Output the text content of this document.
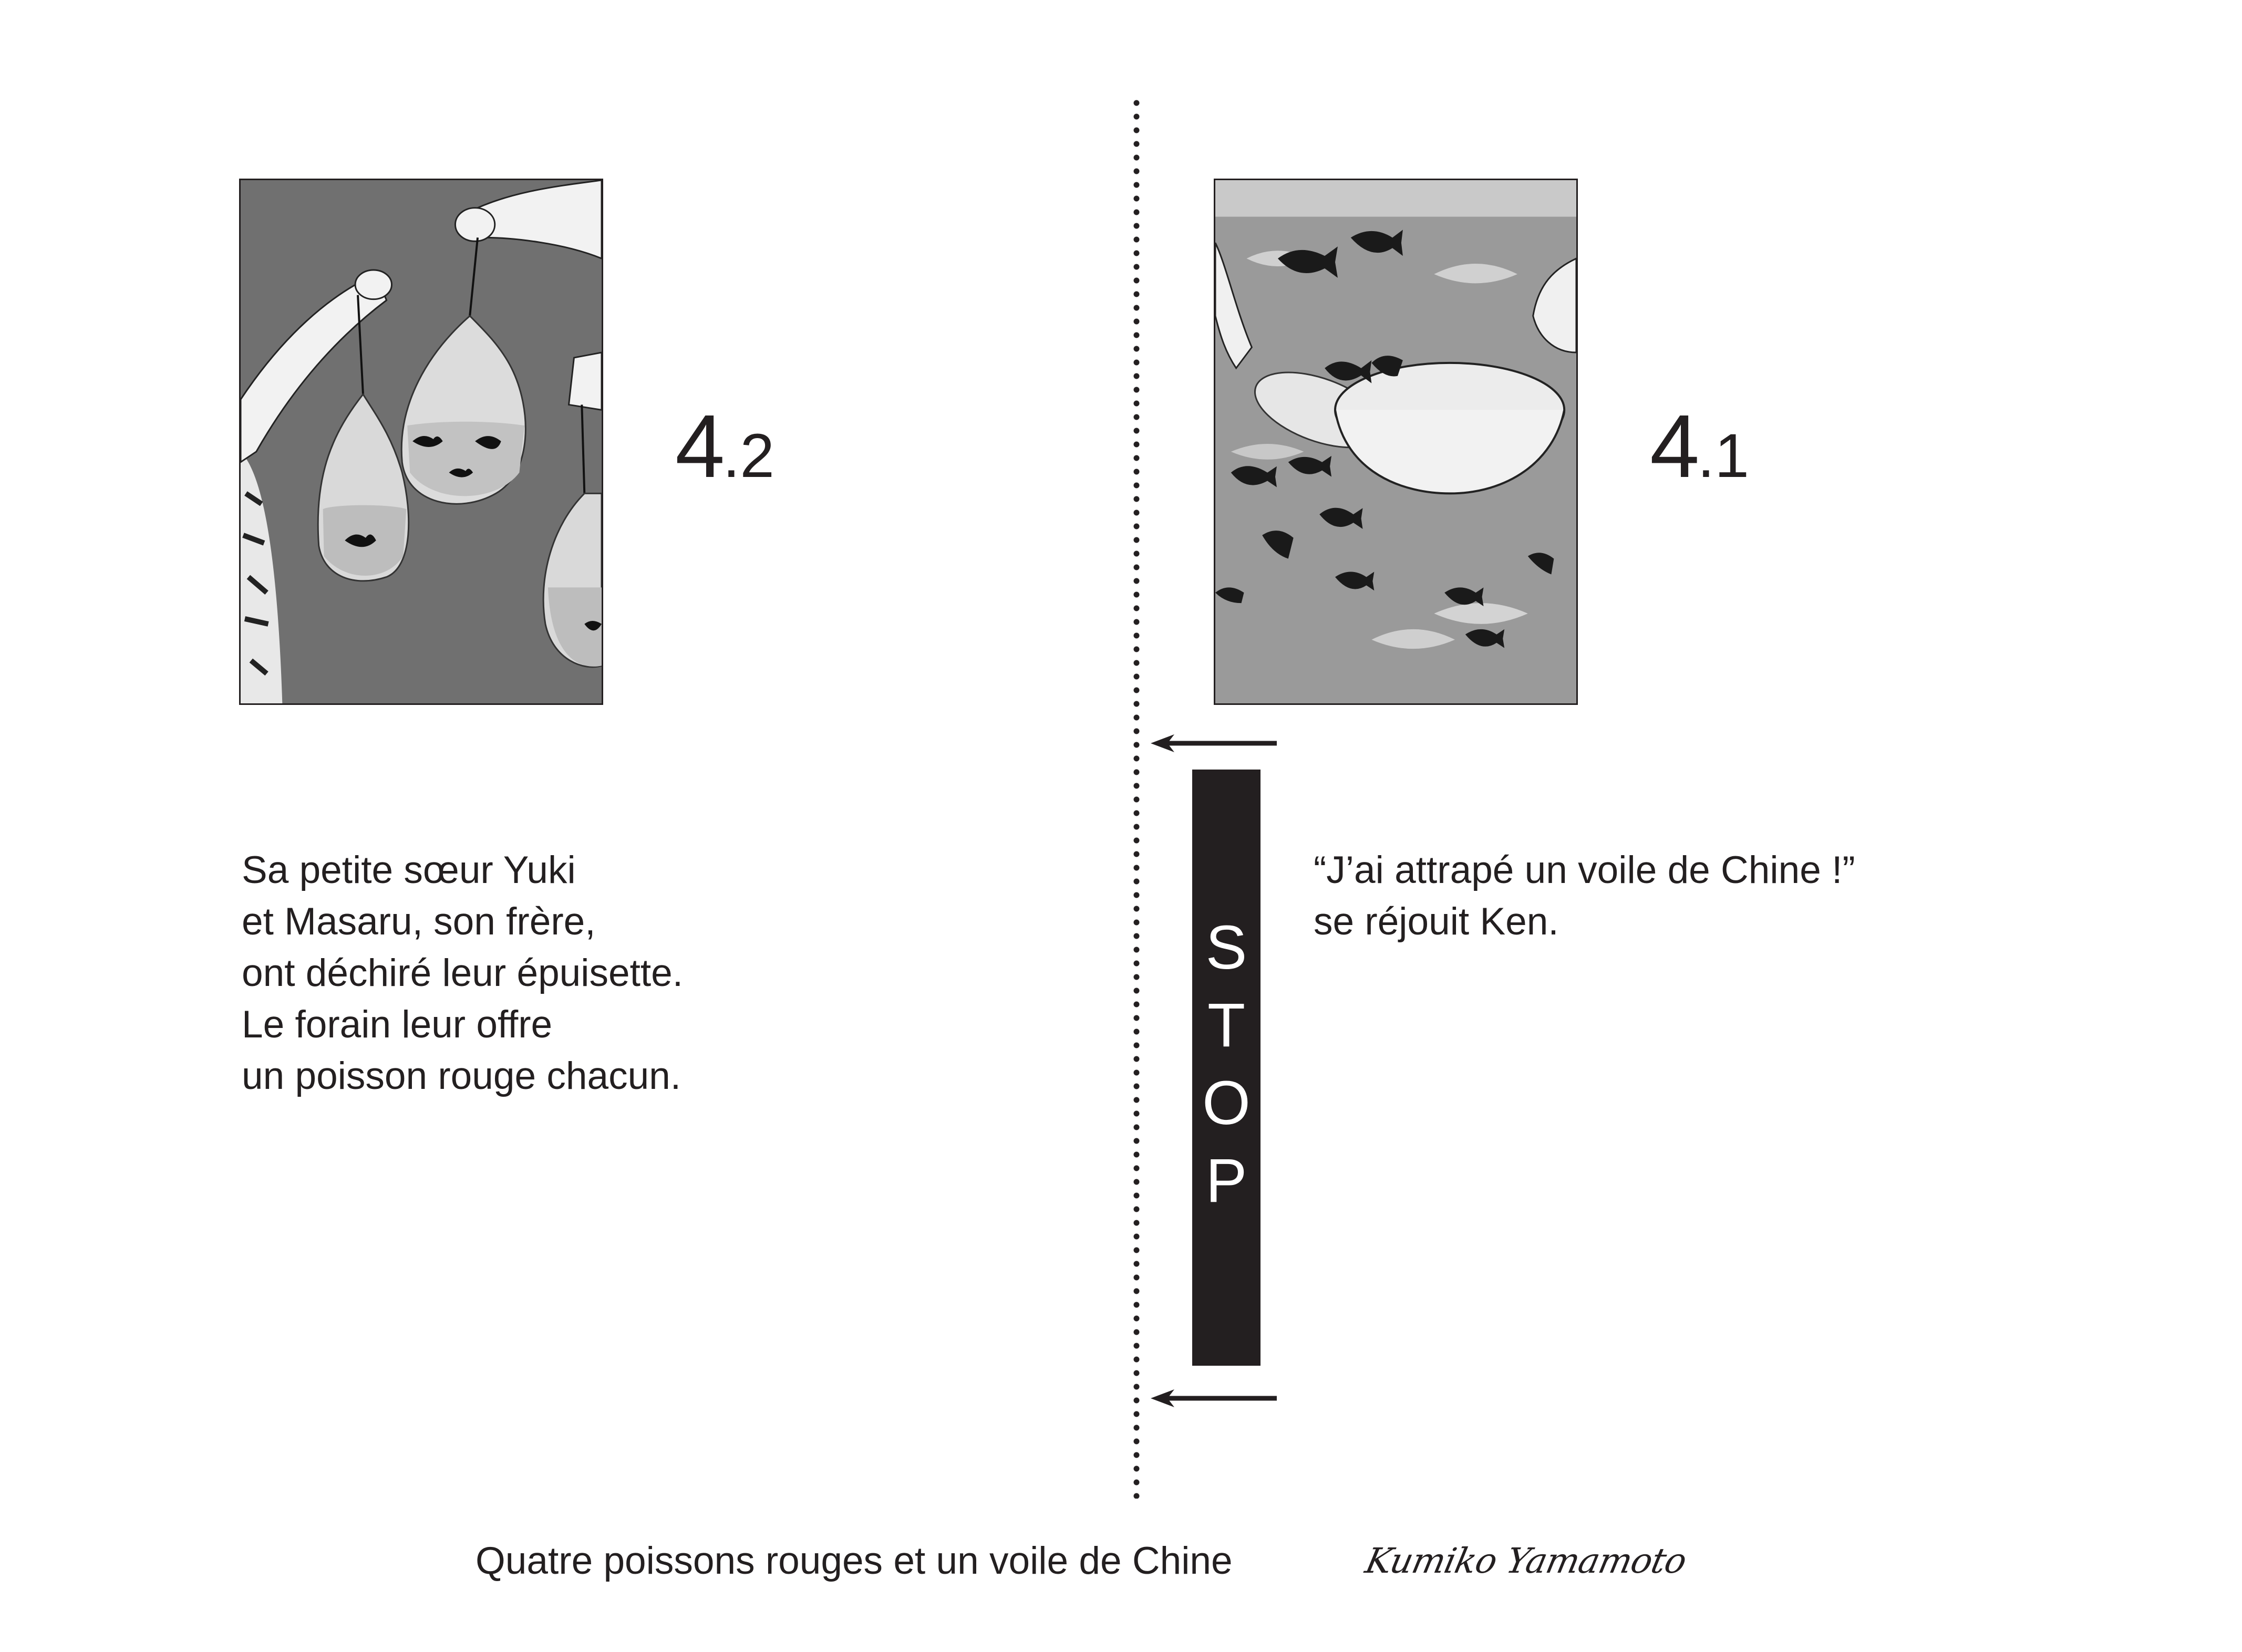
4.2	4.1
Sa petite sœur Yuki
et Masaru, son frère,
ont déchiré leur épuisette.
Le forain leur offre
un poisson rouge chacun.
“J’ai attrapé un voile de Chine !”
se réjouit Ken.
S
T
O
P
Quatre poissons rouges et un voile de Chine	Kumiko Yamamoto
